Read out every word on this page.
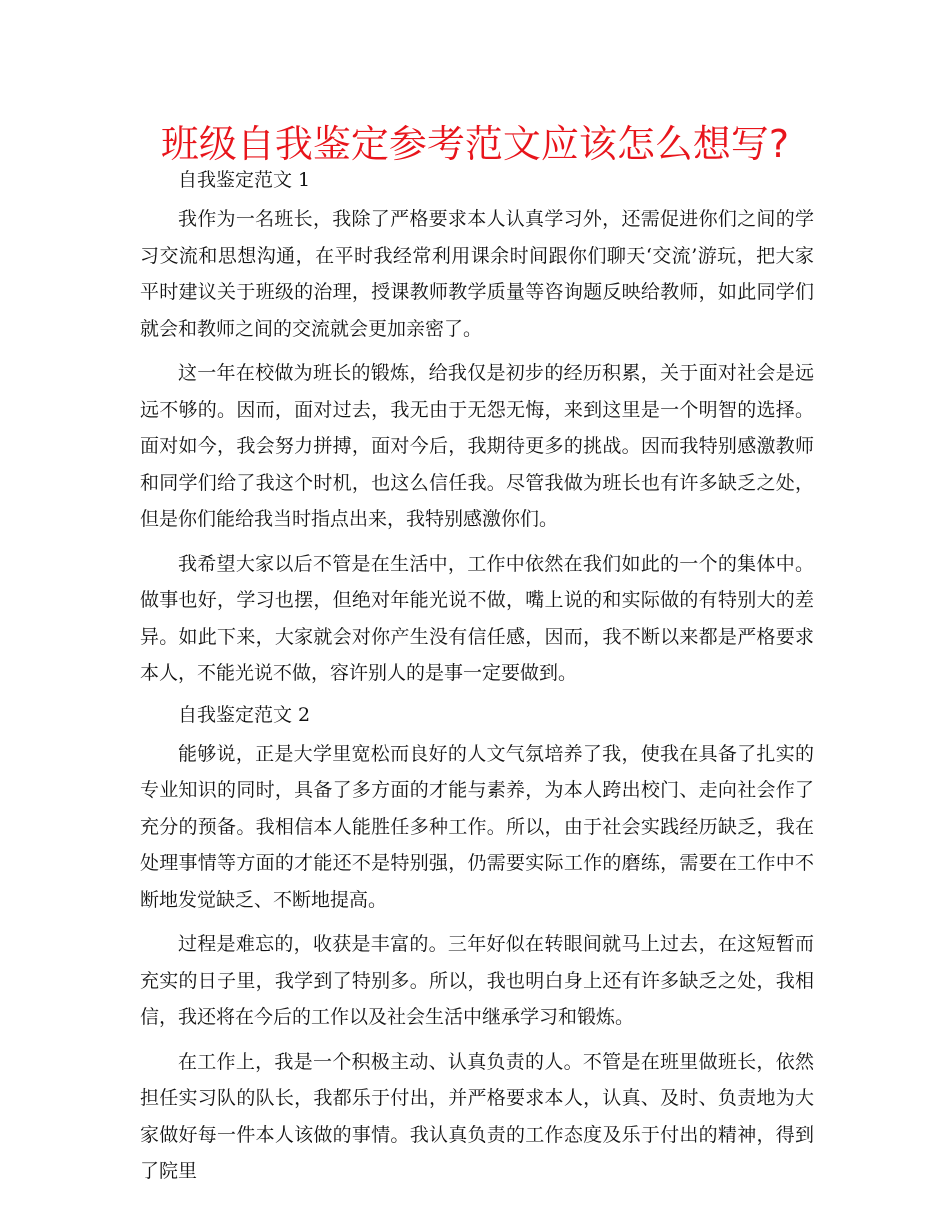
班级自我鉴定参考范文应该怎么想写?

自我鉴定范文 1

我作为一名班长，我除了严格要求本人认真学习外，还需促进你们之间的学习交流和思想沟通，在平时我经常利用课余时间跟你们聊天‘交流’游玩，把大家平时建议关于班级的治理，授课教师教学质量等咨询题反映给教师，如此同学们就会和教师之间的交流就会更加亲密了。

这一年在校做为班长的锻炼，给我仅是初步的经历积累，关于面对社会是远远不够的。因而，面对过去，我无由于无怨无悔，来到这里是一个明智的选择。面对如今，我会努力拼搏，面对今后，我期待更多的挑战。因而我特别感激教师和同学们给了我这个时机，也这么信任我。尽管我做为班长也有许多缺乏之处，但是你们能给我当时指点出来，我特别感激你们。

我希望大家以后不管是在生活中，工作中依然在我们如此的一个的集体中。做事也好，学习也摆，但绝对年能光说不做，嘴上说的和实际做的有特别大的差异。如此下来，大家就会对你产生没有信任感，因而，我不断以来都是严格要求本人，不能光说不做，容许别人的是事一定要做到。

自我鉴定范文 2

能够说，正是大学里宽松而良好的人文气氛培养了我，使我在具备了扎实的专业知识的同时，具备了多方面的才能与素养，为本人跨出校门、走向社会作了充分的预备。我相信本人能胜任多种工作。所以，由于社会实践经历缺乏，我在处理事情等方面的才能还不是特别强，仍需要实际工作的磨练，需要在工作中不断地发觉缺乏、不断地提高。

过程是难忘的，收获是丰富的。三年好似在转眼间就马上过去，在这短暂而充实的日子里，我学到了特别多。所以，我也明白身上还有许多缺乏之处，我相信，我还将在今后的工作以及社会生活中继承学习和锻炼。

在工作上，我是一个积极主动、认真负责的人。不管是在班里做班长，依然担任实习队的队长，我都乐于付出，并严格要求本人，认真、及时、负责地为大家做好每一件本人该做的事情。我认真负责的工作态度及乐于付出的精神，得到了院里
